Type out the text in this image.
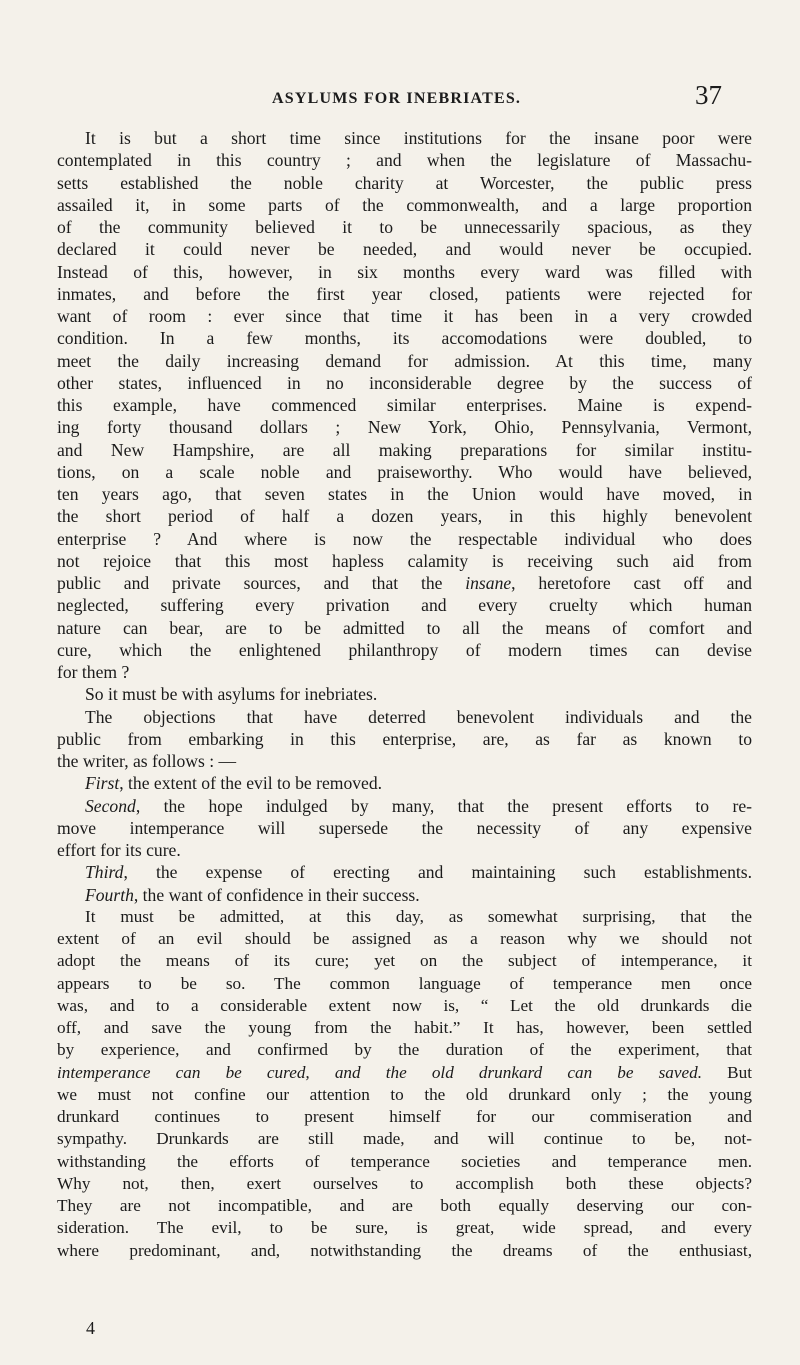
ASYLUMS FOR INEBRIATES.	37
It is but a short time since institutions for the insane poor were
contemplated in this country ; and when the legislature of Massachu-
setts established the noble charity at Worcester, the public press
assailed it, in some parts of the commonwealth, and a large proportion
of the community believed it to be unnecessarily spacious, as they
declared it could never be needed, and would never be occupied.
Instead of this, however, in six months every ward was filled with
inmates, and before the first year closed, patients were rejected for
want of room : ever since that time it has been in a very crowded
condition. In a few months, its accomodations were doubled, to
meet the daily increasing demand for admission. At this time, many
other states, influenced in no inconsiderable degree by the success of
this example, have commenced similar enterprises. Maine is expend-
ing forty thousand dollars ; New York, Ohio, Pennsylvania, Vermont,
and New Hampshire, are all making preparations for similar institu-
tions, on a scale noble and praiseworthy. Who would have believed,
ten years ago, that seven states in the Union would have moved, in
the short period of half a dozen years, in this highly benevolent
enterprise ? And where is now the respectable individual who does
not rejoice that this most hapless calamity is receiving such aid from
public and private sources, and that the insane, heretofore cast off and
neglected, suffering every privation and every cruelty which human
nature can bear, are to be admitted to all the means of comfort and
cure, which the enlightened philanthropy of modern times can devise
for them ?
So it must be with asylums for inebriates.
The objections that have deterred benevolent individuals and the
public from embarking in this enterprise, are, as far as known to
the writer, as follows : —
First, the extent of the evil to be removed.
Second, the hope indulged by many, that the present efforts to re-
move intemperance will supersede the necessity of any expensive
effort for its cure.
Third, the expense of erecting and maintaining such establishments.
Fourth, the want of confidence in their success.
It must be admitted, at this day, as somewhat surprising, that the
extent of an evil should be assigned as a reason why we should not
adopt the means of its cure; yet on the subject of intemperance, it
appears to be so. The common language of temperance men once
was, and to a considerable extent now is, “ Let the old drunkards die
off, and save the young from the habit.” It has, however, been settled
by experience, and confirmed by the duration of the experiment, that
intemperance can be cured, and the old drunkard can be saved. But
we must not confine our attention to the old drunkard only ; the young
drunkard continues to present himself for our commiseration and
sympathy. Drunkards are still made, and will continue to be, not-
withstanding the efforts of temperance societies and temperance men.
Why not, then, exert ourselves to accomplish both these objects?
They are not incompatible, and are both equally deserving our con-
sideration. The evil, to be sure, is great, wide spread, and every
where predominant, and, notwithstanding the dreams of the enthusiast,
4
